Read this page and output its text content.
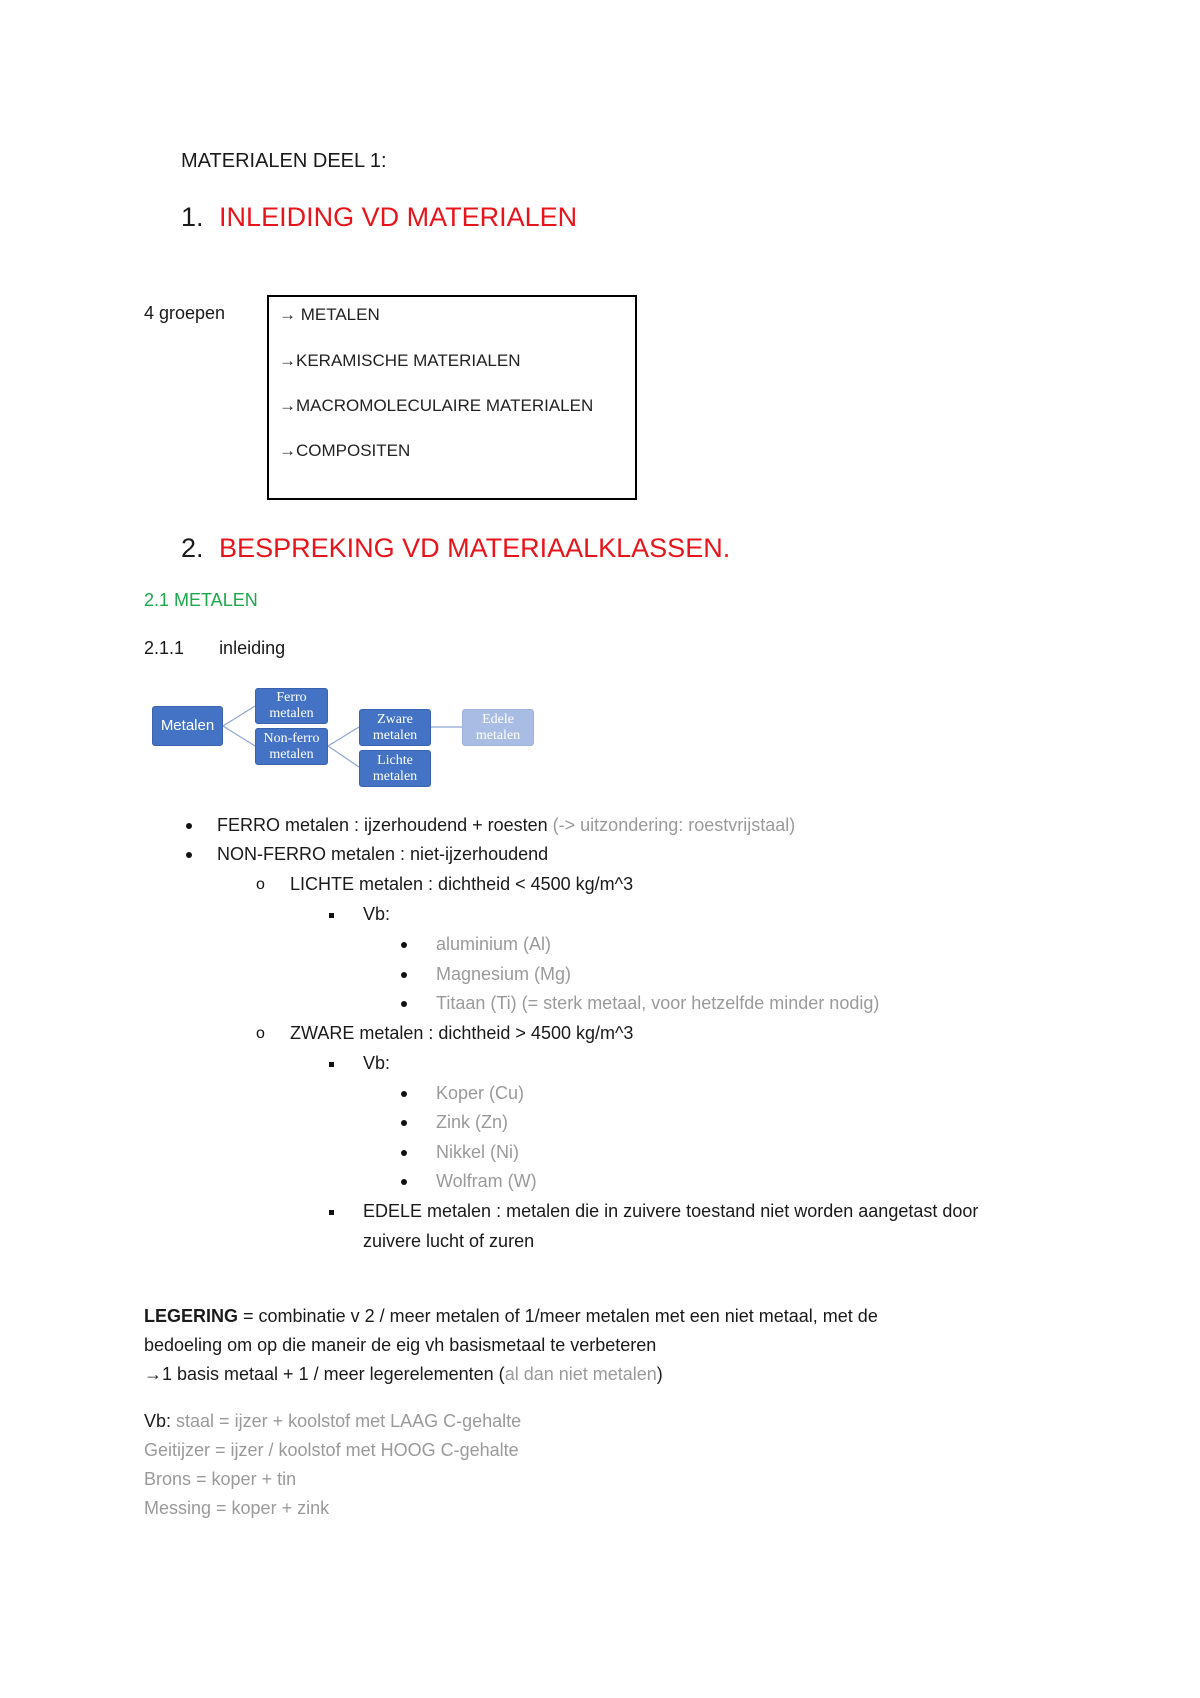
MATERIALEN DEEL 1:
1. INLEIDING VD MATERIALEN
4 groepen	→ METALEN
→KERAMISCHE MATERIALEN
→MACROMOLECULAIRE MATERIALEN
→COMPOSITEN
2. BESPREKING VD MATERIAALKLASSEN.
2.1 METALEN
2.1.1 inleiding
Metalen
Ferro
metalen
Non-ferro
metalen
Zware
metalen
Lichte
metalen
Edele
metalen
FERRO metalen : ijzerhoudend + roesten (-> uitzondering: roestvrijstaal)
NON-FERRO metalen : niet-ijzerhoudend
o LICHTE metalen : dichtheid < 4500 kg/m^3
Vb:
aluminium (Al)
Magnesium (Mg)
Titaan (Ti) (= sterk metaal, voor hetzelfde minder nodig)
o ZWARE metalen : dichtheid > 4500 kg/m^3
Vb:
Koper (Cu)
Zink (Zn)
Nikkel (Ni)
Wolfram (W)
EDELE metalen : metalen die in zuivere toestand niet worden aangetast door
zuivere lucht of zuren
LEGERING = combinatie v 2 / meer metalen of 1/meer metalen met een niet metaal, met de
bedoeling om op die maneir de eig vh basismetaal te verbeteren
→1 basis metaal + 1 / meer legerelementen (al dan niet metalen)
Vb: staal = ijzer + koolstof met LAAG C-gehalte
Geitijzer = ijzer / koolstof met HOOG C-gehalte
Brons = koper + tin
Messing = koper + zink
